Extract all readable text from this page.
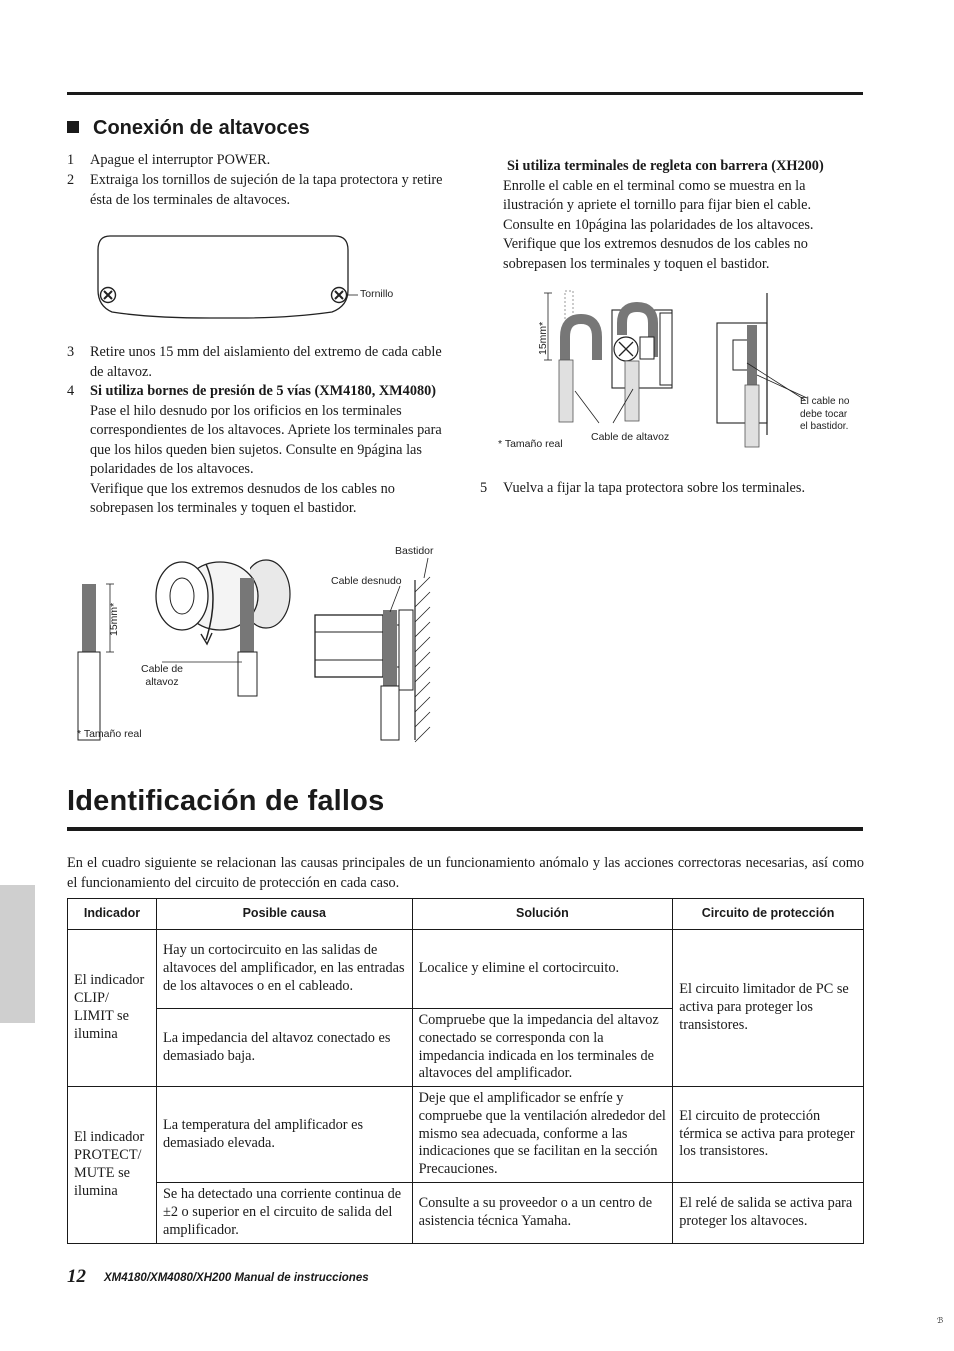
Conexión de altavoces
1 Apague el interruptor POWER.
2 Extraiga los tornillos de sujeción de la tapa protectora y retire ésta de los terminales de altavoces.
Tornillo
3 Retire unos 15 mm del aislamiento del extremo de cada cable de altavoz.
4 Si utiliza bornes de presión de 5 vías (XM4180, XM4080)
Pase el hilo desnudo por los orificios en los terminales correspondientes de los altavoces. Apriete los terminales para que los hilos queden bien sujetos. Consulte en 9página las polaridades de los altavoces.
Verifique que los extremos desnudos de los cables no sobrepasen los terminales y toquen el bastidor.
Bastidor
Cable desnudo
15mm*
Cable de
altavoz
* Tamaño real
Si utiliza terminales de regleta con barrera (XH200)
Enrolle el cable en el terminal como se muestra en la ilustración y apriete el tornillo para fijar bien el cable. Consulte en 10página las polaridades de los altavoces.
Verifique que los extremos desnudos de los cables no sobrepasen los terminales y toquen el bastidor.
15mm*
* Tamaño real
Cable de altavoz
El cable no
debe tocar
el bastidor.
5 Vuelva a fijar la tapa protectora sobre los terminales.
Identificación de fallos
En el cuadro siguiente se relacionan las causas principales de un funcionamiento anómalo y las acciones correctoras necesarias, así como el funcionamiento del circuito de protección en cada caso.
Indicador	Posible causa	Solución	Circuito de protección
El indicador CLIP/ LIMIT se ilumina	Hay un cortocircuito en las salidas de altavoces del amplificador, en las entradas de los altavoces o en el cableado.	Localice y elimine el cortocircuito.	El circuito limitador de PC se activa para proteger los transistores.
	La impedancia del altavoz conectado es demasiado baja.	Compruebe que la impedancia del altavoz conectado se corresponda con la impedancia indicada en los terminales de altavoces del amplificador.	
El indicador PROTECT/ MUTE se ilumina	La temperatura del amplificador es demasiado elevada.	Deje que el amplificador se enfríe y compruebe que la ventilación alrededor del mismo sea adecuada, conforme a las indicaciones que se facilitan en la sección Precauciones.	El circuito de protección térmica se activa para proteger los transistores.
	Se ha detectado una corriente continua de ±2 o superior en el circuito de salida del amplificador.	Consulte a su proveedor o a un centro de asistencia técnica Yamaha.	El relé de salida se activa para proteger los altavoces.
12 XM4180/XM4080/XH200 Manual de instrucciones
ℬ
